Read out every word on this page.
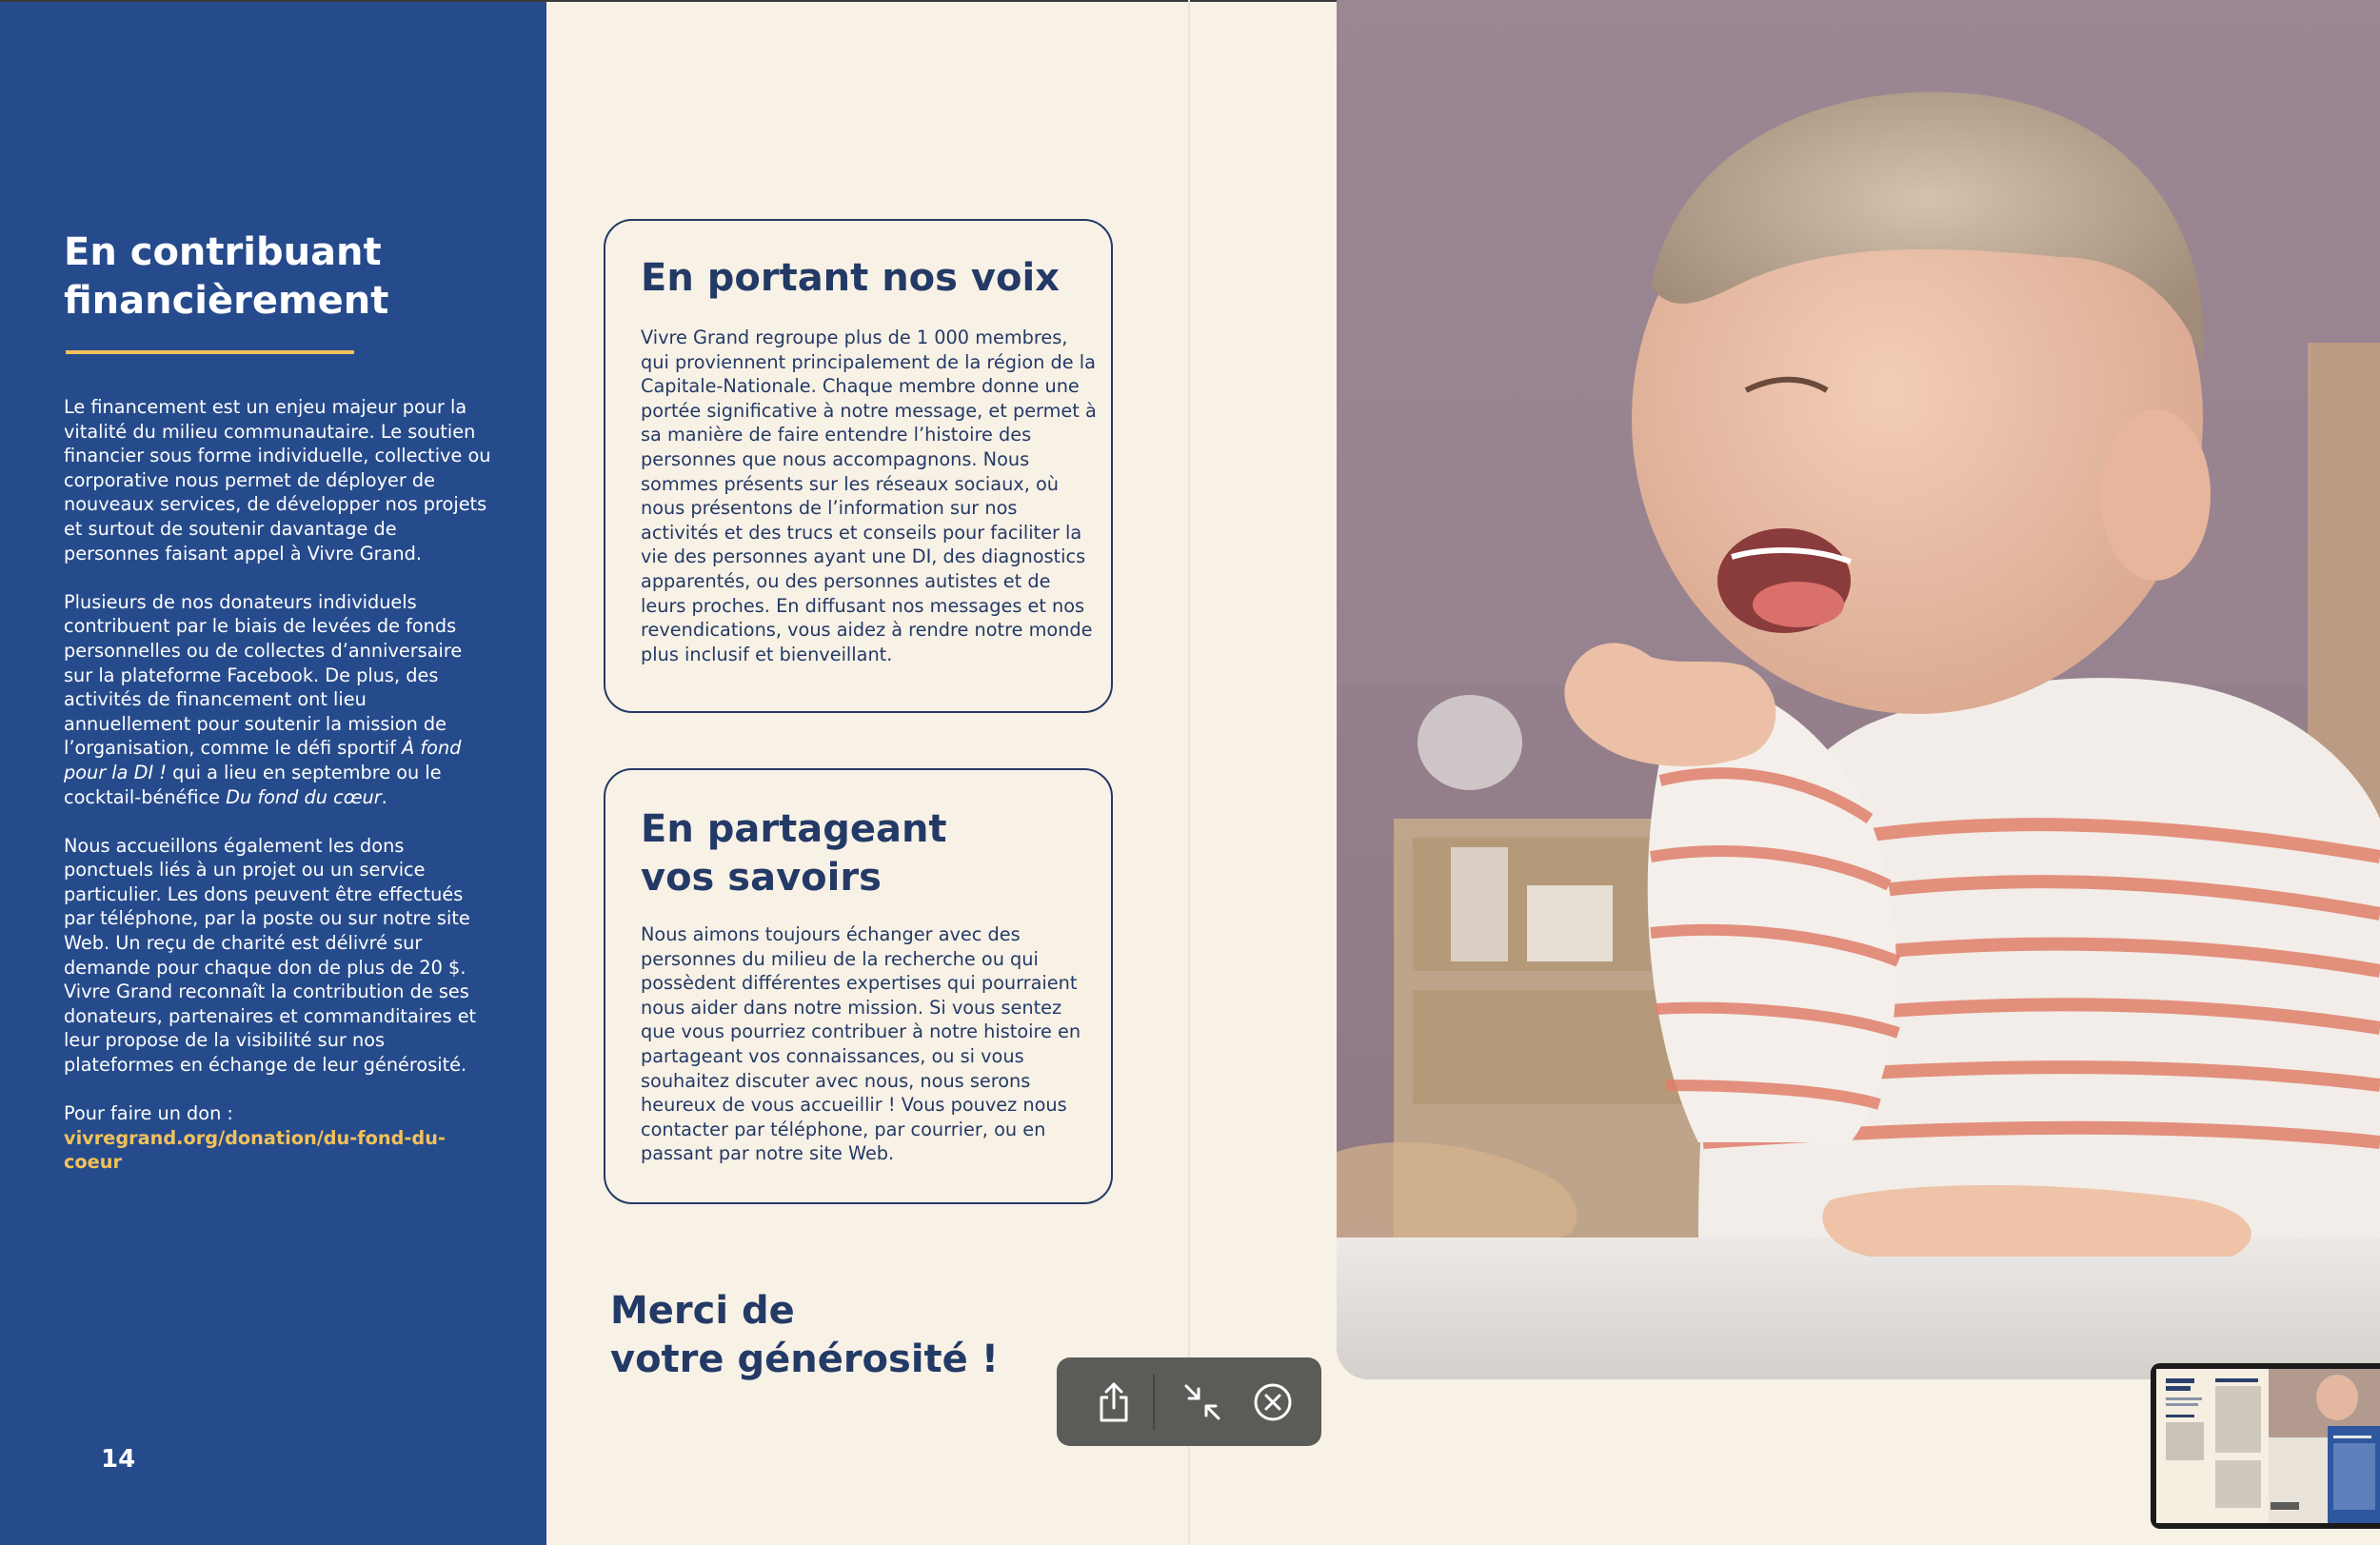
En contribuant
financièrement

Le financement est un enjeu majeur pour la vitalité du milieu communautaire. Le soutien financier sous forme individuelle, collective ou corporative nous permet de déployer de nouveaux services, de développer nos projets et surtout de soutenir davantage de personnes faisant appel à Vivre Grand.

Plusieurs de nos donateurs individuels contribuent par le biais de levées de fonds personnelles ou de collectes d’anniversaire sur la plateforme Facebook. De plus, des activités de financement ont lieu annuellement pour soutenir la mission de l’organisation, comme le défi sportif À fond pour la DI ! qui a lieu en septembre ou le cocktail-bénéfice Du fond du cœur.

Nous accueillons également les dons ponctuels liés à un projet ou un service particulier. Les dons peuvent être effectués par téléphone, par la poste ou sur notre site Web. Un reçu de charité est délivré sur demande pour chaque don de plus de 20 $. Vivre Grand reconnaît la contribution de ses donateurs, partenaires et commanditaires et leur propose de la visibilité sur nos plateformes en échange de leur générosité.

Pour faire un don :
vivregrand.org/donation/du-fond-du-coeur

14
En portant nos voix
Vivre Grand regroupe plus de 1 000 membres, qui proviennent principalement de la région de la Capitale-Nationale. Chaque membre donne une portée significative à notre message, et permet à sa manière de faire entendre l’histoire des personnes que nous accompagnons. Nous sommes présents sur les réseaux sociaux, où nous présentons de l’information sur nos activités et des trucs et conseils pour faciliter la vie des personnes ayant une DI, des diagnostics apparentés, ou des personnes autistes et de leurs proches. En diffusant nos messages et nos revendications, vous aidez à rendre notre monde plus inclusif et bienveillant.
En partageant
vos savoirs
Nous aimons toujours échanger avec des personnes du milieu de la recherche ou qui possèdent différentes expertises qui pourraient nous aider dans notre mission. Si vous sentez que vous pourriez contribuer à notre histoire en partageant vos connaissances, ou si vous souhaitez discuter avec nous, nous serons heureux de vous accueillir ! Vous pouvez nous contacter par téléphone, par courrier, ou en passant par notre site Web.
Merci de
votre générosité !
